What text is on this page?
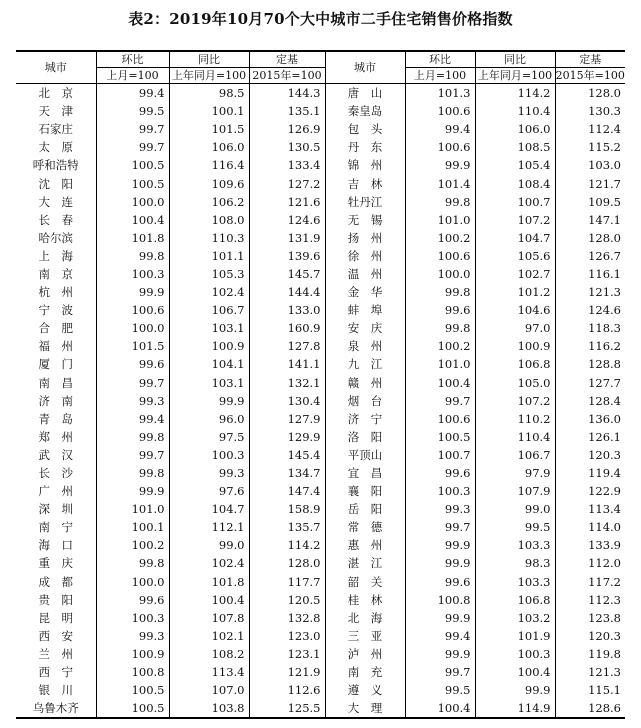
表2：2019年10月70个大中城市二手住宅销售价格指数
城市	环比	同比	定基	城市	环比	同比	定基
	上月=100	上年同月=100	2015年=100		上月=100	上年同月=100	2015年=100
北　京	99.4	98.5	144.3	唐　山	101.3	114.2	128.0
天　津	99.5	100.1	135.1	秦皇岛	100.6	110.4	130.3
石家庄	99.7	101.5	126.9	包　头	99.4	106.0	112.4
太　原	99.7	106.0	130.5	丹　东	100.6	108.5	115.2
呼和浩特	100.5	116.4	133.4	锦　州	99.9	105.4	103.0
沈　阳	100.5	109.6	127.2	吉　林	101.4	108.4	121.7
大　连	100.0	106.2	121.6	牡丹江	99.8	100.7	109.5
长　春	100.4	108.0	124.6	无　锡	101.0	107.2	147.1
哈尔滨	101.8	110.3	131.9	扬　州	100.2	104.7	128.0
上　海	99.8	101.1	139.6	徐　州	100.6	105.6	126.7
南　京	100.3	105.3	145.7	温　州	100.0	102.7	116.1
杭　州	99.9	102.4	144.4	金　华	99.8	101.2	121.3
宁　波	100.6	106.7	133.0	蚌　埠	99.6	104.6	124.6
合　肥	100.0	103.1	160.9	安　庆	99.8	97.0	118.3
福　州	101.5	100.9	127.8	泉　州	100.2	100.9	116.2
厦　门	99.6	104.1	141.1	九　江	101.0	106.8	128.8
南　昌	99.7	103.1	132.1	赣　州	100.4	105.0	127.7
济　南	99.3	99.9	130.4	烟　台	99.7	107.2	128.4
青　岛	99.4	96.0	127.9	济　宁	100.6	110.2	136.0
郑　州	99.8	97.5	129.9	洛　阳	100.5	110.4	126.1
武　汉	99.7	100.3	145.4	平顶山	100.7	106.7	120.3
长　沙	99.8	99.3	134.7	宜　昌	99.6	97.9	119.4
广　州	99.9	97.6	147.4	襄　阳	100.3	107.9	122.9
深　圳	101.0	104.7	158.9	岳　阳	99.3	99.0	113.4
南　宁	100.1	112.1	135.7	常　德	99.7	99.5	114.0
海　口	100.2	99.0	114.2	惠　州	99.9	103.3	133.9
重　庆	99.8	102.4	128.0	湛　江	99.9	98.3	112.0
成　都	100.0	101.8	117.7	韶　关	99.6	103.3	117.2
贵　阳	99.6	100.4	120.5	桂　林	100.8	106.8	112.3
昆　明	100.3	107.8	132.8	北　海	99.9	103.2	123.8
西　安	99.3	102.1	123.0	三　亚	99.4	101.9	120.3
兰　州	100.9	108.2	123.1	泸　州	99.9	100.3	119.8
西　宁	100.8	113.4	121.9	南　充	99.7	100.4	121.3
银　川	100.5	107.0	112.6	遵　义	99.5	99.9	115.1
乌鲁木齐	100.5	103.8	125.5	大　理	100.4	114.9	128.6
